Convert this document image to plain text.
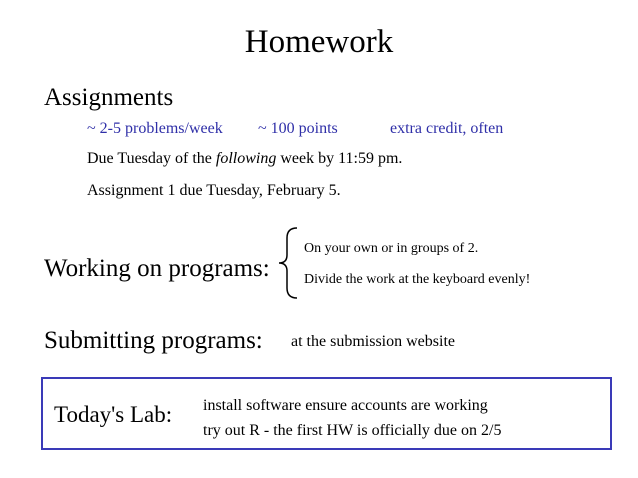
Homework
Assignments
~ 2-5 problems/week ~ 100 points	extra credit, often
Due Tuesday of the following week by 11:59 pm.
Assignment 1 due Tuesday, February 5.
Working on programs:
On your own or in groups of 2.
Divide the work at the keyboard evenly!
Submitting programs: at the submission website
Today's Lab: install software ensure accounts are working
try out R - the first HW is officially due on 2/5
